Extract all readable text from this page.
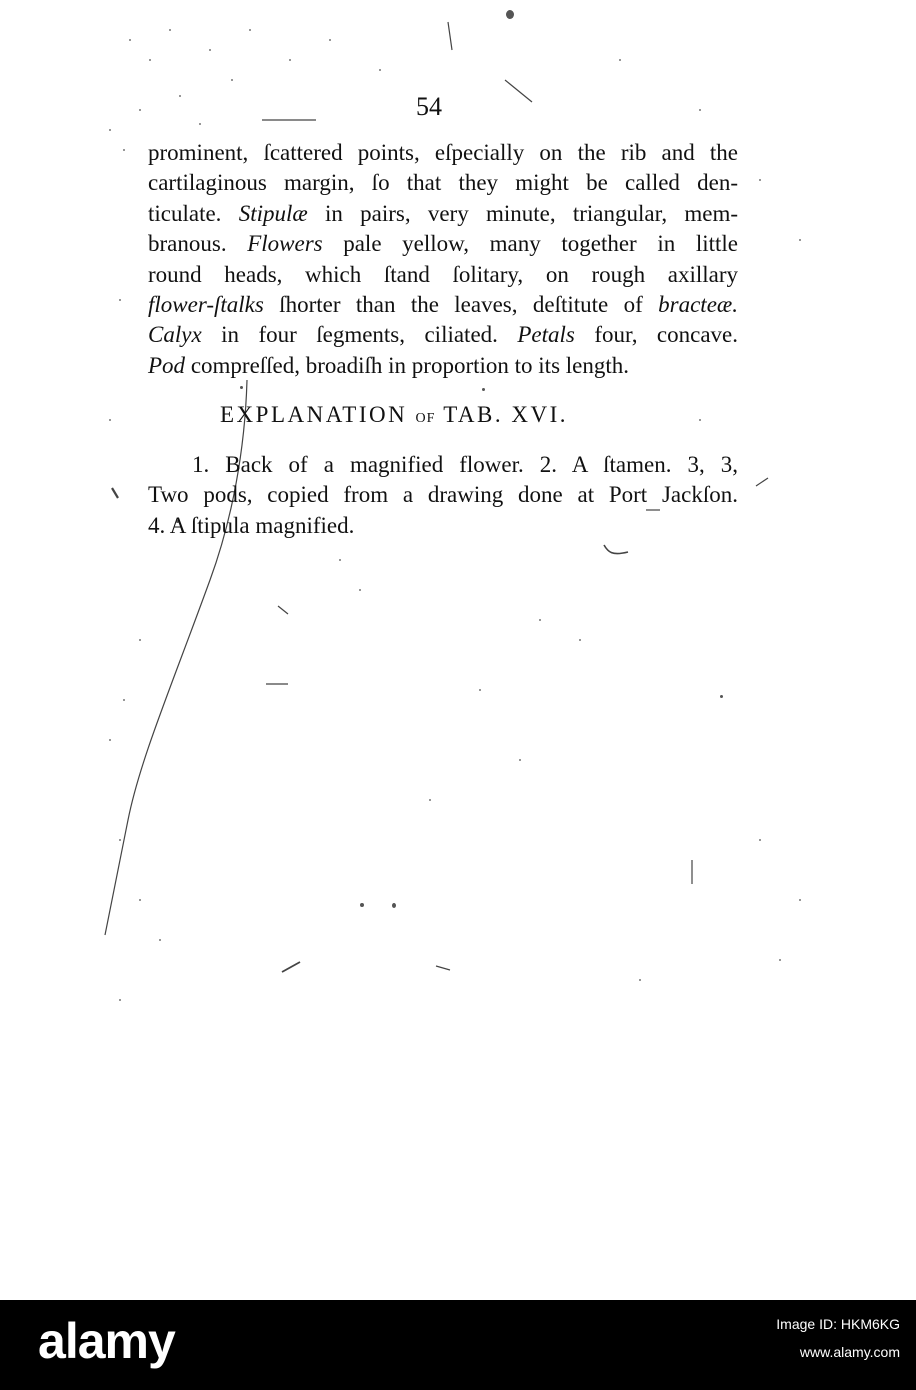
54
prominent, ſcattered points, eſpecially on the rib and the
cartilaginous margin, ſo that they might be called den-
ticulate. Stipulæ in pairs, very minute, triangular, mem-
branous. Flowers pale yellow, many together in little
round heads, which ſtand ſolitary, on rough axillary
flower-ſtalks ſhorter than the leaves, deſtitute of bracteæ.
Calyx in four ſegments, ciliated. Petals four, concave.
Pod compreſſed, broadiſh in proportion to its length.
EXPLANATION OF TAB. XVI.
1. Back of a magnified flower. 2. A ſtamen. 3, 3,
Two pods, copied from a drawing done at Port Jackſon.
4. A ſtipula magnified.
alamy	Image ID: HKM6KG
www.alamy.com
